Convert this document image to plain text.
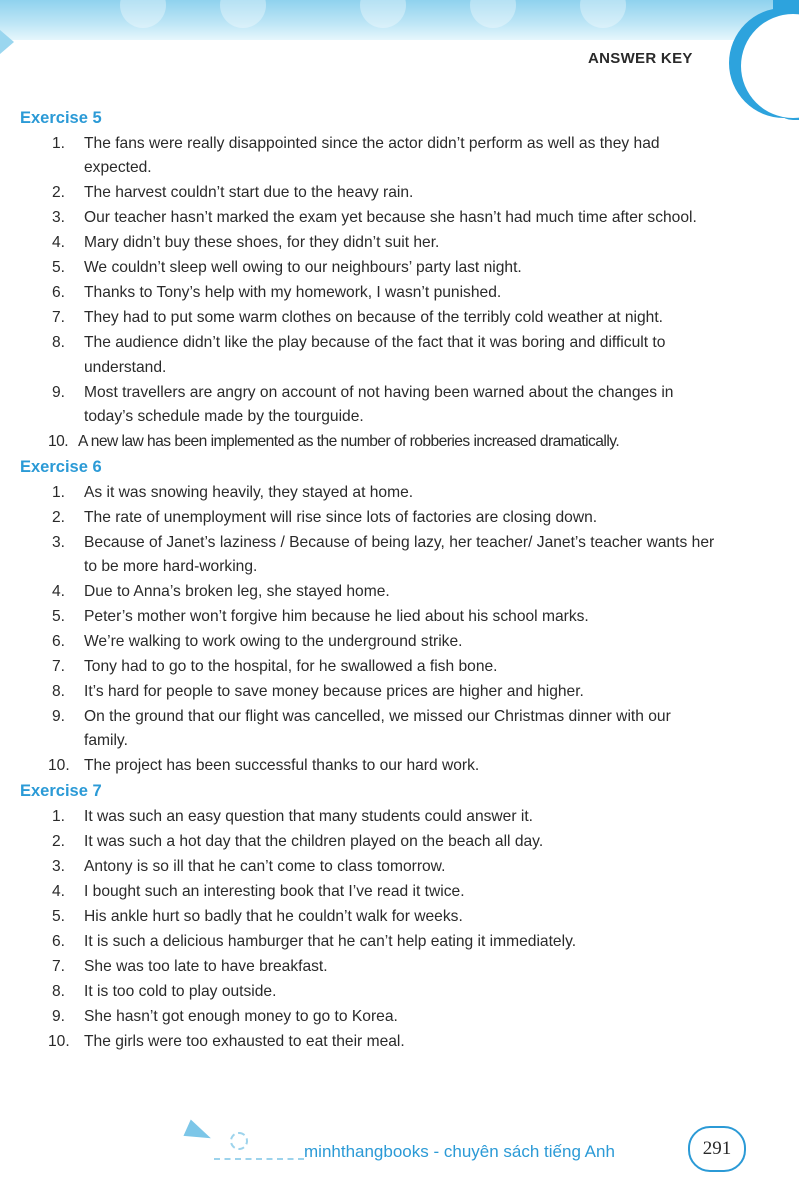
ANSWER KEY
Exercise 5
1. The fans were really disappointed since the actor didn’t perform as well as they had expected.
2. The harvest couldn’t start due to the heavy rain.
3. Our teacher hasn’t marked the exam yet because she hasn’t had much time after school.
4. Mary didn’t buy these shoes, for they didn’t suit her.
5. We couldn’t sleep well owing to our neighbours’ party last night.
6. Thanks to Tony’s help with my homework, I wasn’t punished.
7. They had to put some warm clothes on because of the terribly cold weather at night.
8. The audience didn’t like the play because of the fact that it was boring and difficult to understand.
9. Most travellers are angry on account of not having been warned about the changes in today’s schedule made by the tourguide.
10. A new law has been implemented as the number of robberies increased dramatically.
Exercise 6
1. As it was snowing heavily, they stayed at home.
2. The rate of unemployment will rise since lots of factories are closing down.
3. Because of Janet’s laziness / Because of being lazy, her teacher/ Janet’s teacher wants her to be more hard-working.
4. Due to Anna’s broken leg, she stayed home.
5. Peter’s mother won’t forgive him because he lied about his school marks.
6. We’re walking to work owing to the underground strike.
7. Tony had to go to the hospital, for he swallowed a fish bone.
8. It’s hard for people to save money because prices are higher and higher.
9. On the ground that our flight was cancelled, we missed our Christmas dinner with our family.
10. The project has been successful thanks to our hard work.
Exercise 7
1. It was such an easy question that many students could answer it.
2. It was such a hot day that the children played on the beach all day.
3. Antony is so ill that he can’t come to class tomorrow.
4. I bought such an interesting book that I’ve read it twice.
5. His ankle hurt so badly that he couldn’t walk for weeks.
6. It is such a delicious hamburger that he can’t help eating it immediately.
7. She was too late to have breakfast.
8. It is too cold to play outside.
9. She hasn’t got enough money to go to Korea.
10. The girls were too exhausted to eat their meal.
minhthangbooks - chuyên sách tiếng Anh	291
